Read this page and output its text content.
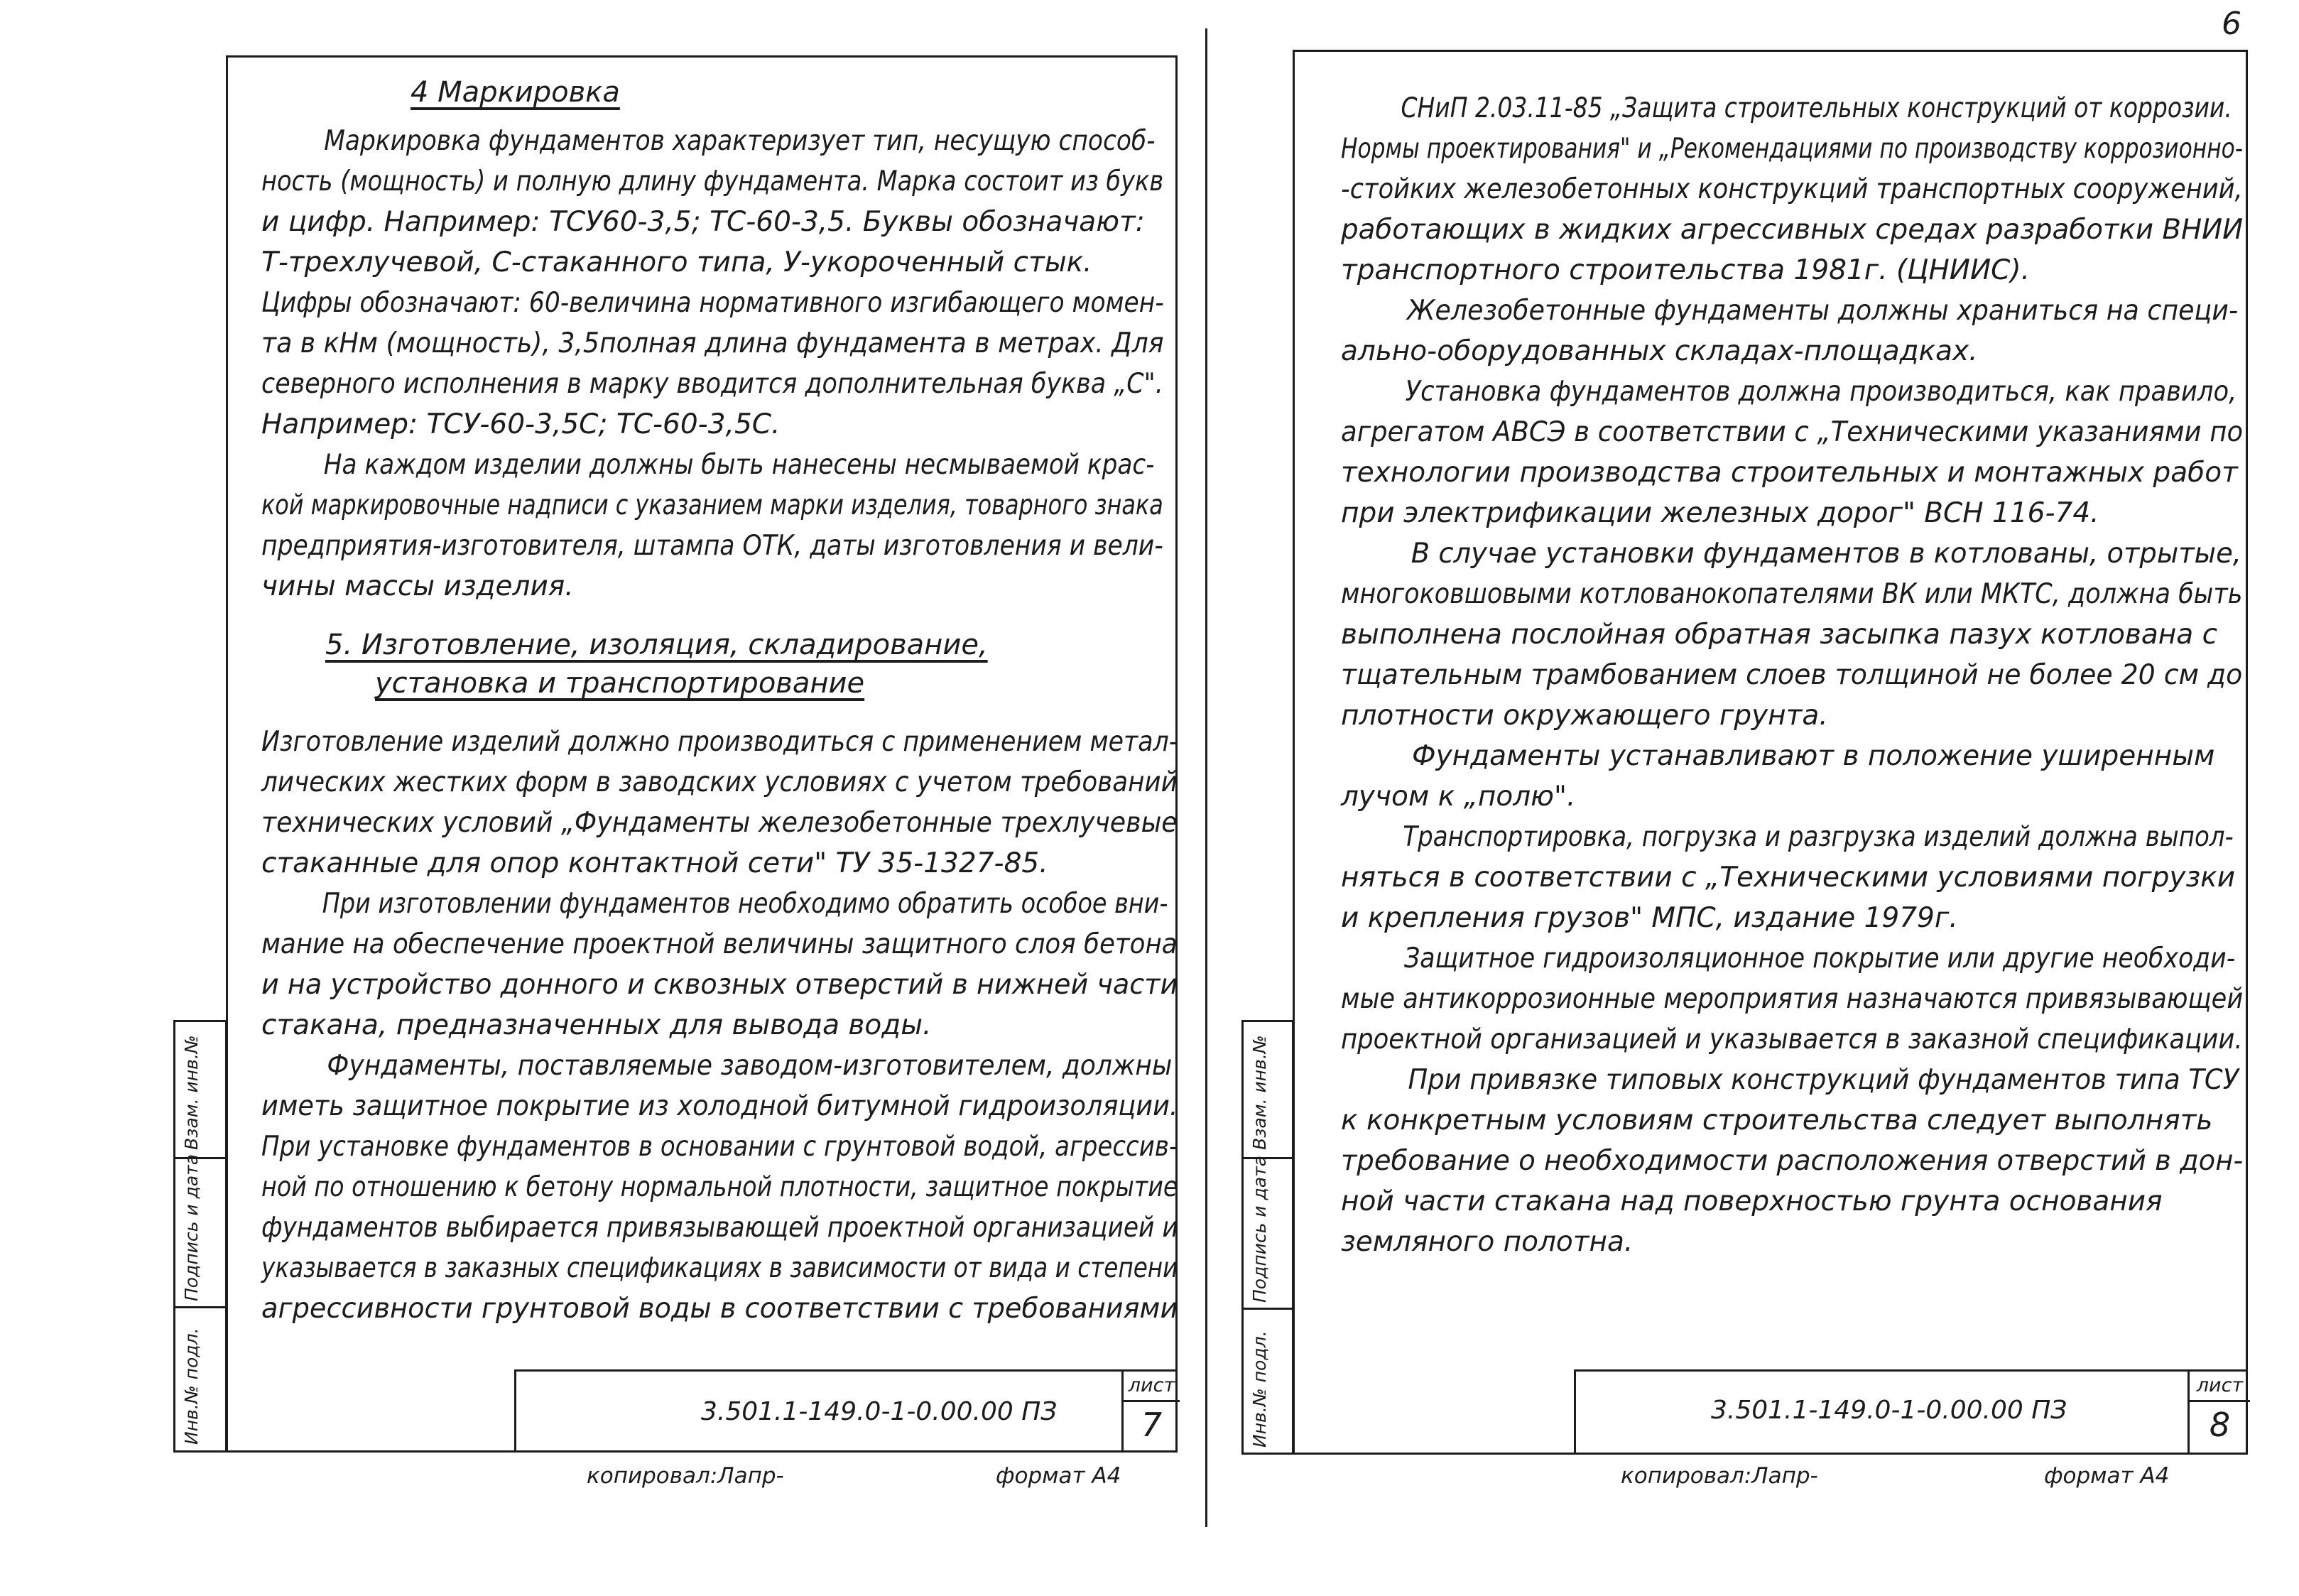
6
4 Маркировка
Маркировка фундаментов характеризует тип, несущую способ-
ность (мощность) и полную длину фундамента. Марка состоит из букв
и цифр. Например: ТСУ60-3,5; ТС-60-3,5. Буквы обозначают:
Т-трехлучевой, С-стаканного типа, У-укороченный стык.
Цифры обозначают: 60-величина нормативного изгибающего момен-
та в кНм (мощность), 3,5полная длина фундамента в метрах. Для
северного исполнения в марку вводится дополнительная буква „С".
Например: ТСУ-60-3,5С; ТС-60-3,5С.
На каждом изделии должны быть нанесены несмываемой крас-
кой маркировочные надписи с указанием марки изделия, товарного знака
предприятия-изготовителя, штампа ОТК, даты изготовления и вели-
чины массы изделия.
5. Изготовление, изоляция, складирование,
установка и транспортирование
Изготовление изделий должно производиться с применением метал-
лических жестких форм в заводских условиях с учетом требований
технических условий „Фундаменты железобетонные трехлучевые
стаканные для опор контактной сети" ТУ 35-1327-85.
При изготовлении фундаментов необходимо обратить особое вни-
мание на обеспечение проектной величины защитного слоя бетона
и на устройство донного и сквозных отверстий в нижней части
стакана, предназначенных для вывода воды.
Фундаменты, поставляемые заводом-изготовителем, должны
иметь защитное покрытие из холодной битумной гидроизоляции.
При установке фундаментов в основании с грунтовой водой, агрессив-
ной по отношению к бетону нормальной плотности, защитное покрытие
фундаментов выбирается привязывающей проектной организацией и
указывается в заказных спецификациях в зависимости от вида и степени
агрессивности грунтовой воды в соответствии с требованиями
3.501.1-149.0-1-0.00.00 ПЗ
лист
7
Взам. инв.№
Подпись и дата
Инв.№ подл.
копировал:Лапр-	формат А4
СНиП 2.03.11-85 „Защита строительных конструкций от коррозии.
Нормы проектирования" и „Рекомендациями по производству коррозионно-
-стойких железобетонных конструкций транспортных сооружений,
работающих в жидких агрессивных средах разработки ВНИИ
транспортного строительства 1981г. (ЦНИИС).
Железобетонные фундаменты должны храниться на специ-
ально-оборудованных складах-площадках.
Установка фундаментов должна производиться, как правило,
агрегатом АВСЭ в соответствии с „Техническими указаниями по
технологии производства строительных и монтажных работ
при электрификации железных дорог" ВСН 116-74.
В случае установки фундаментов в котлованы, отрытые,
многоковшовыми котлованокопателями ВК или МКТС, должна быть
выполнена послойная обратная засыпка пазух котлована с
тщательным трамбованием слоев толщиной не более 20 см до
плотности окружающего грунта.
Фундаменты устанавливают в положение уширенным
лучом к „полю".
Транспортировка, погрузка и разгрузка изделий должна выпол-
няться в соответствии с „Техническими условиями погрузки
и крепления грузов" МПС, издание 1979г.
Защитное гидроизоляционное покрытие или другие необходи-
мые антикоррозионные мероприятия назначаются привязывающей
проектной организацией и указывается в заказной спецификации.
При привязке типовых конструкций фундаментов типа ТСУ
к конкретным условиям строительства следует выполнять
требование о необходимости расположения отверстий в дон-
ной части стакана над поверхностью грунта основания
земляного полотна.
3.501.1-149.0-1-0.00.00 ПЗ
лист
8
Взам. инв.№
Подпись и дата
Инв.№ подл.
копировал:Лапр-	формат А4
